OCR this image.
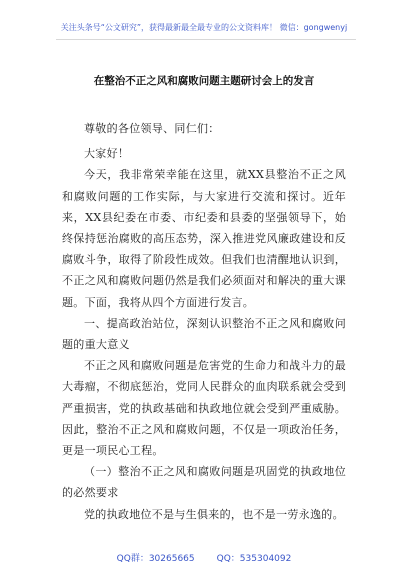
关注头条号“公文研究”，获得最新最全最专业的公文资料库！ 微信：gongwenyj
在整治不正之风和腐败问题主题研讨会上的发言

尊敬的各位领导、同仁们：

大家好！

今天，我非常荣幸能在这里，就XX县整治不正之风和腐败问题的工作实际，与大家进行交流和探讨。近年来，XX县纪委在市委、市纪委和县委的坚强领导下，始终保持惩治腐败的高压态势，深入推进党风廉政建设和反腐败斗争，取得了阶段性成效。但我们也清醒地认识到，不正之风和腐败问题仍然是我们必须面对和解决的重大课题。下面，我将从四个方面进行发言。

一、提高政治站位，深刻认识整治不正之风和腐败问题的重大意义

不正之风和腐败问题是危害党的生命力和战斗力的最大毒瘤，不彻底惩治，党同人民群众的血肉联系就会受到严重损害，党的执政基础和执政地位就会受到严重威胁。因此，整治不正之风和腐败问题，不仅是一项政治任务，更是一项民心工程。

（一）整治不正之风和腐败问题是巩固党的执政地位的必然要求

党的执政地位不是与生俱来的，也不是一劳永逸的。

QQ群：30265665 QQ：535304092
